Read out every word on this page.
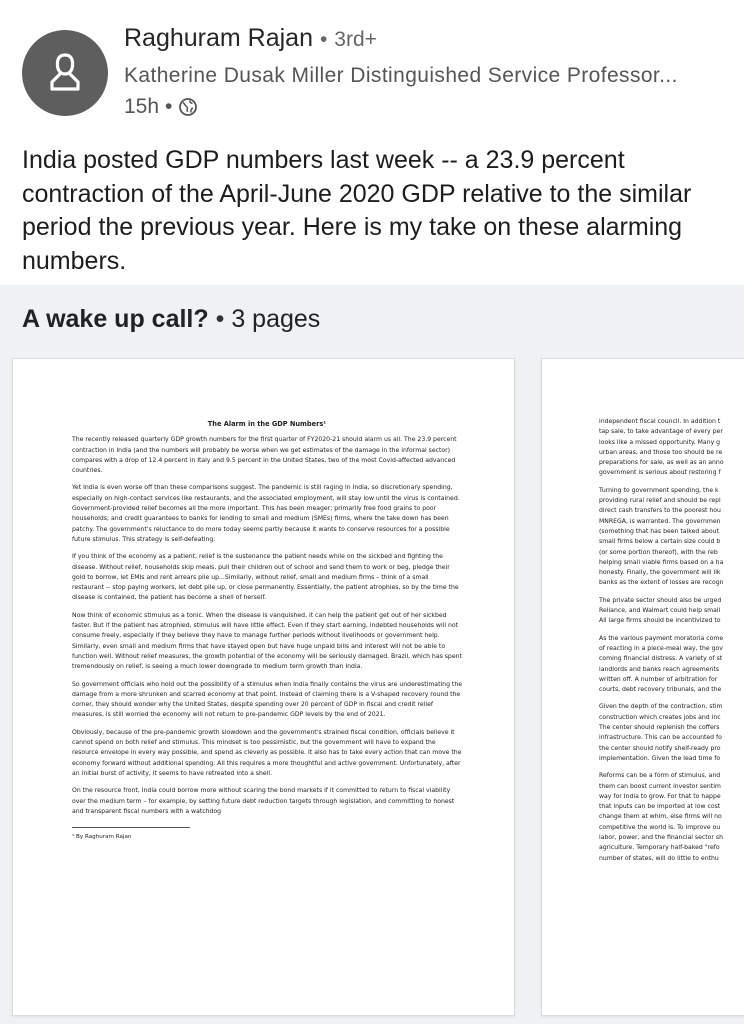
Raghuram Rajan • 3rd+
Katherine Dusak Miller Distinguished Service Professor...
15h •
India posted GDP numbers last week -- a 23.9 percent contraction of the April-June 2020 GDP relative to the similar period the previous year. Here is my take on these alarming numbers.
A wake up call? • 3 pages
The Alarm in the GDP Numbers¹

The recently released quarterly GDP growth numbers for the first quarter of FY2020-21 should alarm us all. The 23.9 percent contraction in India (and the numbers will probably be worse when we get estimates of the damage in the informal sector) compares with a drop of 12.4 percent in Italy and 9.5 percent in the United States, two of the most Covid-affected advanced countries.

Yet India is even worse off than these comparisons suggest. The pandemic is still raging in India, so discretionary spending, especially on high-contact services like restaurants, and the associated employment, will stay low until the virus is contained. Government-provided relief becomes all the more important. This has been meager; primarily free food grains to poor households; and credit guarantees to banks for lending to small and medium (SMEs) firms, where the take down has been patchy. The government's reluctance to do more today seems partly because it wants to conserve resources for a possible future stimulus. This strategy is self-defeating.

If you think of the economy as a patient, relief is the sustenance the patient needs while on the sickbed and fighting the disease. Without relief, households skip meals, pull their children out of school and send them to work or beg, pledge their gold to borrow, let EMIs and rent arrears pile up...Similarly, without relief, small and medium firms – think of a small restaurant -- stop paying workers, let debt pile up, or close permanently. Essentially, the patient atrophies, so by the time the disease is contained, the patient has become a shell of herself.

Now think of economic stimulus as a tonic. When the disease is vanquished, it can help the patient get out of her sickbed faster. But if the patient has atrophied, stimulus will have little effect. Even if they start earning, indebted households will not consume freely, especially if they believe they have to manage further periods without livelihoods or government help. Similarly, even small and medium firms that have stayed open but have huge unpaid bills and interest will not be able to function well. Without relief measures, the growth potential of the economy will be seriously damaged. Brazil, which has spent tremendously on relief, is seeing a much lower downgrade to medium term growth than India.

So government officials who hold out the possibility of a stimulus when India finally contains the virus are underestimating the damage from a more shrunken and scarred economy at that point. Instead of claiming there is a V-shaped recovery round the corner, they should wonder why the United States, despite spending over 20 percent of GDP in fiscal and credit relief measures, is still worried the economy will not return to pre-pandemic GDP levels by the end of 2021.

Obviously, because of the pre-pandemic growth slowdown and the government's strained fiscal condition, officials believe it cannot spend on both relief and stimulus. This mindset is too pessimistic, but the government will have to expand the resource envelope in every way possible, and spend as cleverly as possible. It also has to take every action that can move the economy forward without additional spending. All this requires a more thoughtful and active government. Unfortunately, after an initial burst of activity, it seems to have retreated into a shell.

On the resource front, India could borrow more without scaring the bond markets if it committed to return to fiscal viability over the medium term – for example, by setting future debt reduction targets through legislation, and committing to honest and transparent fiscal numbers with a watchdog

¹ By Raghuram Rajan

independent fiscal council. In addition t
tap sale, to take advantage of every per
looks like a missed opportunity. Many g
urban areas, and those too should be re
preparations for sale, as well as an anno
government is serious about restoring f

Turning to government spending, the k
providing rural relief and should be repl
direct cash transfers to the poorest hou
MNREGA, is warranted. The governmen
(something that has been talked about
small firms below a certain size could b
(or some portion thereof), with the reb
helping small viable firms based on a ha
honesty. Finally, the government will lik
banks as the extent of losses are recogn

The private sector should also be urged
Reliance, and Walmart could help small
All large firms should be incentivized to

As the various payment moratoria come
of reacting in a piece-meal way, the gov
coming financial distress. A variety of st
landlords and banks reach agreements
written off. A number of arbitration for
courts, debt recovery tribunals, and the

Given the depth of the contraction, stim
construction which creates jobs and inc
The center should replenish the coffers
infrastructure. This can be accounted fo
the center should notify shelf-ready pro
implementation. Given the lead time fo

Reforms can be a form of stimulus, and
them can boost current investor sentim
way for India to grow. For that to happe
that inputs can be imported at low cost
change them at whim, else firms will no
competitive the world is. To improve ou
labor, power, and the financial sector sh
agriculture. Temporary half-baked "refo
number of states, will do little to enthu
